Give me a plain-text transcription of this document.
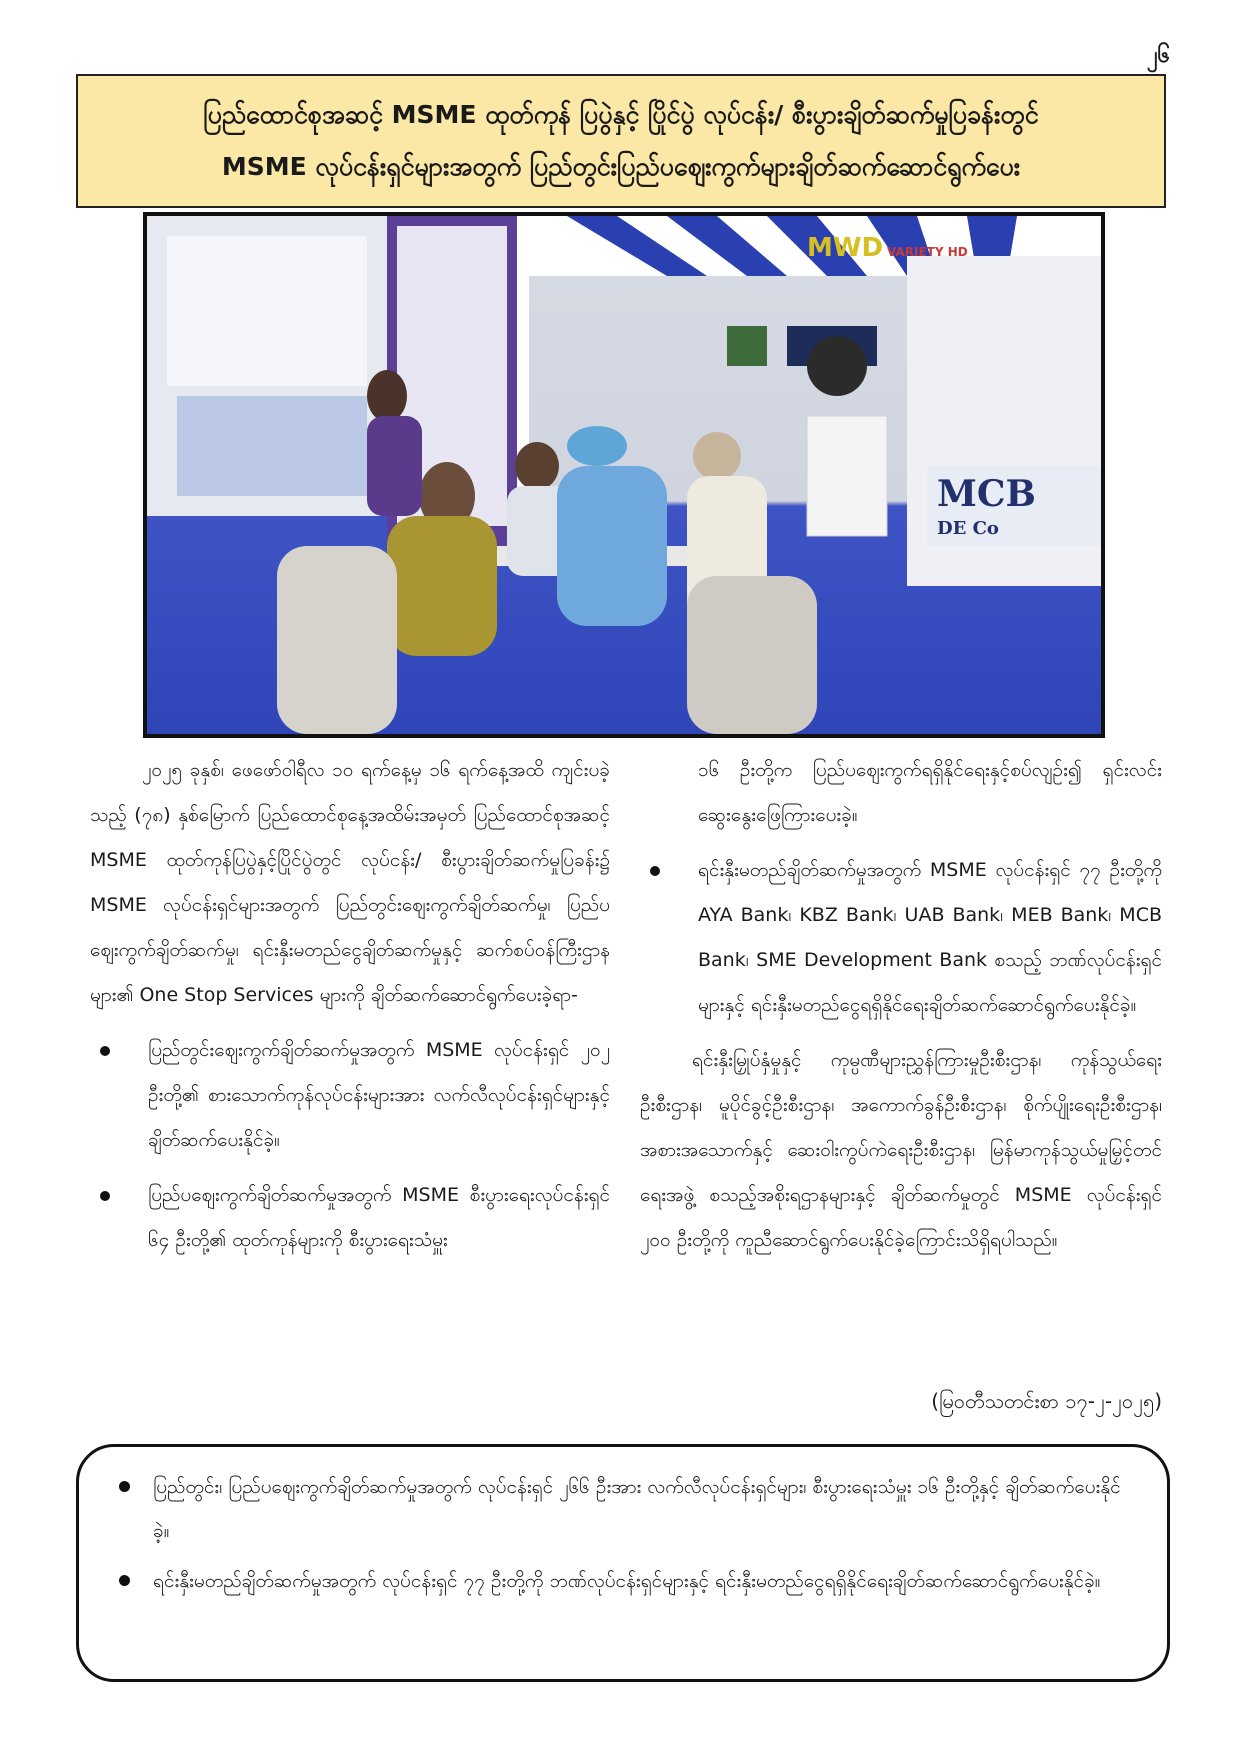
၂၆
ပြည်ထောင်စုအဆင့် MSME ထုတ်ကုန် ပြပွဲနှင့် ပြိုင်ပွဲ လုပ်ငန်း/ စီးပွားချိတ်ဆက်မှုပြခန်းတွင်
MSME လုပ်ငန်းရှင်များအတွက် ပြည်တွင်းပြည်ပဈေးကွက်များချိတ်ဆက်ဆောင်ရွက်ပေး
MCB
DE Co
MWD VARIETY HD

၂၀၂၅ ခုနှစ်၊ ဖေဖော်ဝါရီလ ၁၀ ရက်နေ့မှ ၁၆ ရက်နေ့အထိ ကျင်းပခဲ့သည့် (၇၈) နှစ်မြောက် ပြည်ထောင်စုနေ့အထိမ်းအမှတ် ပြည်ထောင်စုအဆင့် MSME ထုတ်ကုန်ပြပွဲနှင့်ပြိုင်ပွဲတွင် လုပ်ငန်း/ စီးပွားချိတ်ဆက်မှုပြခန်း၌ MSME လုပ်ငန်းရှင်များအတွက် ပြည်တွင်းဈေးကွက်ချိတ်ဆက်မှု၊ ပြည်ပဈေးကွက်ချိတ်ဆက်မှု၊ ရင်းနှီးမတည်ငွေချိတ်ဆက်မှုနှင့် ဆက်စပ်ဝန်ကြီးဌာနများ၏ One Stop Services များကို ချိတ်ဆက်ဆောင်ရွက်ပေးခဲ့ရာ-

ပြည်တွင်းဈေးကွက်ချိတ်ဆက်မှုအတွက် MSME လုပ်ငန်းရှင် ၂၀၂ ဦးတို့၏ စားသောက်ကုန်လုပ်ငန်းများအား လက်လီလုပ်ငန်းရှင်များနှင့် ချိတ်ဆက်ပေးနိုင်ခဲ့။
ပြည်ပဈေးကွက်ချိတ်ဆက်မှုအတွက် MSME စီးပွားရေးလုပ်ငန်းရှင် ၆၄ ဦးတို့၏ ထုတ်ကုန်များကို စီးပွားရေးသံမှူး

၁၆ ဦးတို့က ပြည်ပဈေးကွက်ရရှိနိုင်ရေးနှင့်စပ်လျဉ်း၍ ရှင်းလင်းဆွေးနွေးဖြေကြားပေးခဲ့။

ရင်းနှီးမတည်ချိတ်ဆက်မှုအတွက် MSME လုပ်ငန်းရှင် ၇၇ ဦးတို့ကို AYA Bank၊ KBZ Bank၊ UAB Bank၊ MEB Bank၊ MCB Bank၊ SME Development Bank စသည့် ဘဏ်လုပ်ငန်းရှင်များနှင့် ရင်းနှီးမတည်ငွေရရှိနိုင်ရေးချိတ်ဆက်ဆောင်ရွက်ပေးနိုင်ခဲ့။

ရင်းနှီးမြှုပ်နှံမှုနှင့် ကုမ္ပဏီများညွှန်ကြားမှုဦးစီးဌာန၊ ကုန်သွယ်ရေးဦးစီးဌာန၊ မူပိုင်ခွင့်ဦးစီးဌာန၊ အကောက်ခွန်ဦးစီးဌာန၊ စိုက်ပျိုးရေးဦးစီးဌာန၊ အစားအသောက်နှင့် ဆေးဝါးကွပ်ကဲရေးဦးစီးဌာန၊ မြန်မာကုန်သွယ်မှုမြှင့်တင်ရေးအဖွဲ့ စသည့်အစိုးရဌာနများနှင့် ချိတ်ဆက်မှုတွင် MSME လုပ်ငန်းရှင် ၂၀၀ ဦးတို့ကို ကူညီဆောင်ရွက်ပေးနိုင်ခဲ့ကြောင်းသိရှိရပါသည်။

(မြဝတီသတင်းစာ ၁၇-၂-၂၀၂၅)
ပြည်တွင်း၊ ပြည်ပဈေးကွက်ချိတ်ဆက်မှုအတွက် လုပ်ငန်းရှင် ၂၆၆ ဦးအား လက်လီလုပ်ငန်းရှင်များ၊ စီးပွားရေးသံမှူး ၁၆ ဦးတို့နှင့် ချိတ်ဆက်ပေးနိုင်ခဲ့။
ရင်းနှီးမတည်ချိတ်ဆက်မှုအတွက် လုပ်ငန်းရှင် ၇၇ ဦးတို့ကို ဘဏ်လုပ်ငန်းရှင်များနှင့် ရင်းနှီးမတည်ငွေရရှိနိုင်ရေးချိတ်ဆက်ဆောင်ရွက်ပေးနိုင်ခဲ့။
